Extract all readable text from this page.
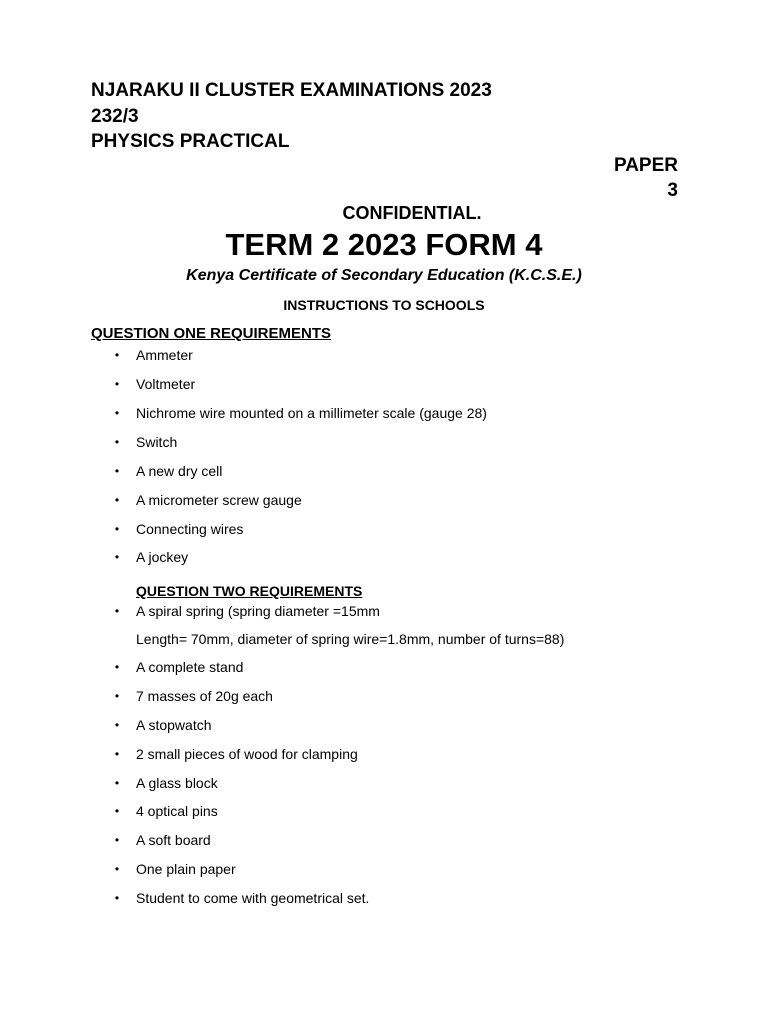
NJARAKU II CLUSTER EXAMINATIONS 2023
232/3
PHYSICS PRACTICAL
PAPER
3
CONFIDENTIAL.
TERM 2 2023 FORM 4
Kenya Certificate of Secondary Education (K.C.S.E.)
INSTRUCTIONS TO SCHOOLS
QUESTION ONE REQUIREMENTS
• Ammeter
• Voltmeter
• Nichrome wire mounted on a millimeter scale (gauge 28)
• Switch
• A new dry cell
• A micrometer screw gauge
• Connecting wires
• A jockey
QUESTION TWO REQUIREMENTS
• A spiral spring (spring diameter =15mm
Length= 70mm, diameter of spring wire=1.8mm, number of turns=88)
• A complete stand
• 7 masses of 20g each
• A stopwatch
• 2 small pieces of wood for clamping
• A glass block
• 4 optical pins
• A soft board
• One plain paper
• Student to come with geometrical set.
